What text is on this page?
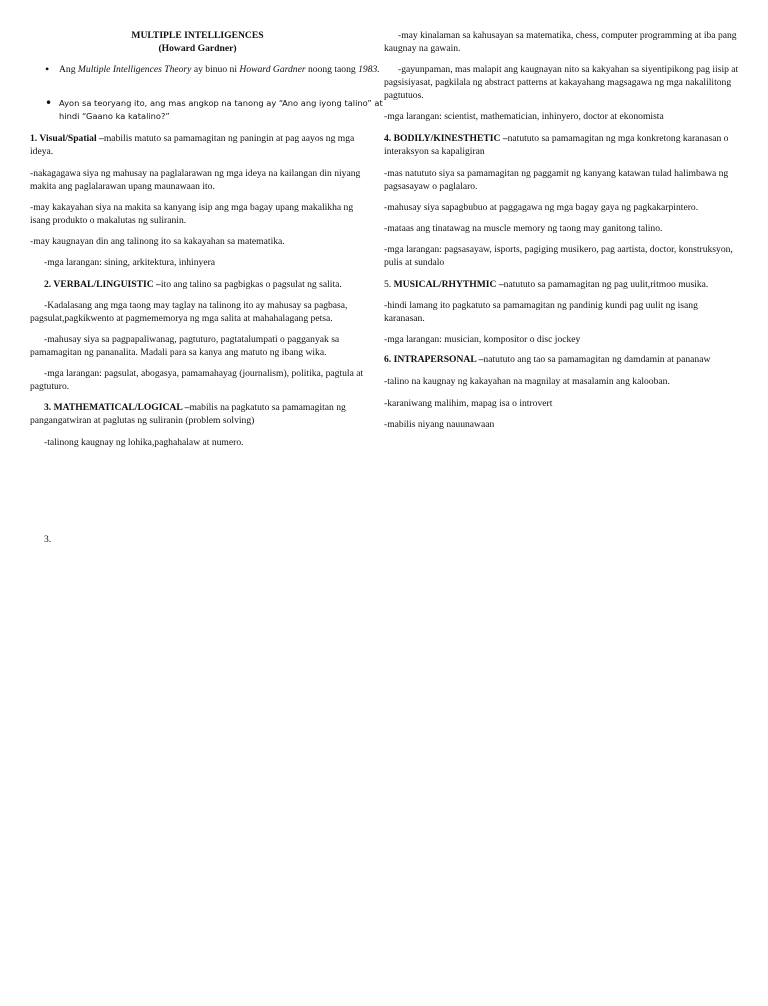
MULTIPLE INTELLIGENCES
(Howard Gardner)
• Ang Multiple Intelligences Theory ay binuo ni Howard Gardner noong taong 1983.
• Ayon sa teoryang ito, ang mas angkop na tanong ay “Ano ang iyong talino” at hindi “Gaano ka katalino?”
1. Visual/Spatial –mabilis matuto sa pamamagitan ng paningin at pag aayos ng mga ideya.
-nakagagawa siya ng mahusay na paglalarawan ng mga ideya na kailangan din niyang makita ang paglalarawan upang maunawaan ito.
-may kakayahan siya na makita sa kanyang isip ang mga bagay upang makalikha ng isang produkto o makalutas ng suliranin.
-may kaugnayan din ang talinong ito sa kakayahan sa matematika.
-mga larangan: sining, arkitektura, inhinyera
2. VERBAL/LINGUISTIC –ito ang talino sa pagbigkas o pagsulat ng salita.
-Kadalasang ang mga taong may taglay na talinong ito ay mahusay sa pagbasa, pagsulat,pagkikwento at pagmememorya ng mga salita at mahahalagang petsa.
-mahusay siya sa pagpapaliwanag, pagtuturo, pagtatalumpati o pagganyak sa pamamagitan ng pananalita. Madali para sa kanya ang matuto ng ibang wika.
-mga larangan: pagsulat, abogasya, pamamahayag (journalism), politika, pagtula at pagtuturo.
3. MATHEMATICAL/LOGICAL –mabilis na pagkatuto sa pamamagitan ng pangangatwiran at paglutas ng suliranin (problem solving)
-talinong kaugnay ng lohika,paghahalaw at numero.
3.
-may kinalaman sa kahusayan sa matematika, chess, computer programming at iba pang kaugnay na gawain.
-gayunpaman, mas malapit ang kaugnayan nito sa kakyahan sa siyentipikong pag iisip at pagsisiyasat, pagkilala ng abstract patterns at kakayahang magsagawa ng mga nakalilitong pagtutuos.
-mga larangan: scientist, mathematician, inhinyero, doctor at ekonomista
4. BODILY/KINESTHETIC –natututo sa pamamagitan ng mga konkretong karanasan o interaksyon sa kapaligiran
-mas natututo siya sa pamamagitan ng paggamit ng kanyang katawan tulad halimbawa ng pagsasayaw o paglalaro.
-mahusay siya sapagbubuo at paggagawa ng mga bagay gaya ng pagkakarpintero.
-mataas ang tinatawag na muscle memory ng taong may ganitong talino.
-mga larangan: pagsasayaw, isports, pagiging musikero, pag aartista, doctor, konstruksyon, pulis at sundalo
5. MUSICAL/RHYTHMIC –natututo sa pamamagitan ng pag uulit,ritmoo musika.
-hindi lamang ito pagkatuto sa pamamagitan ng pandinig kundi pag uulit ng isang karanasan.
-mga larangan: musician, kompositor o disc jockey
6. INTRAPERSONAL –natututo ang tao sa pamamagitan ng damdamin at pananaw
-talino na kaugnay ng kakayahan na magnilay at masalamin ang kalooban.
-karaniwang malihim, mapag isa o introvert
-mabilis niyang nauunawaan
